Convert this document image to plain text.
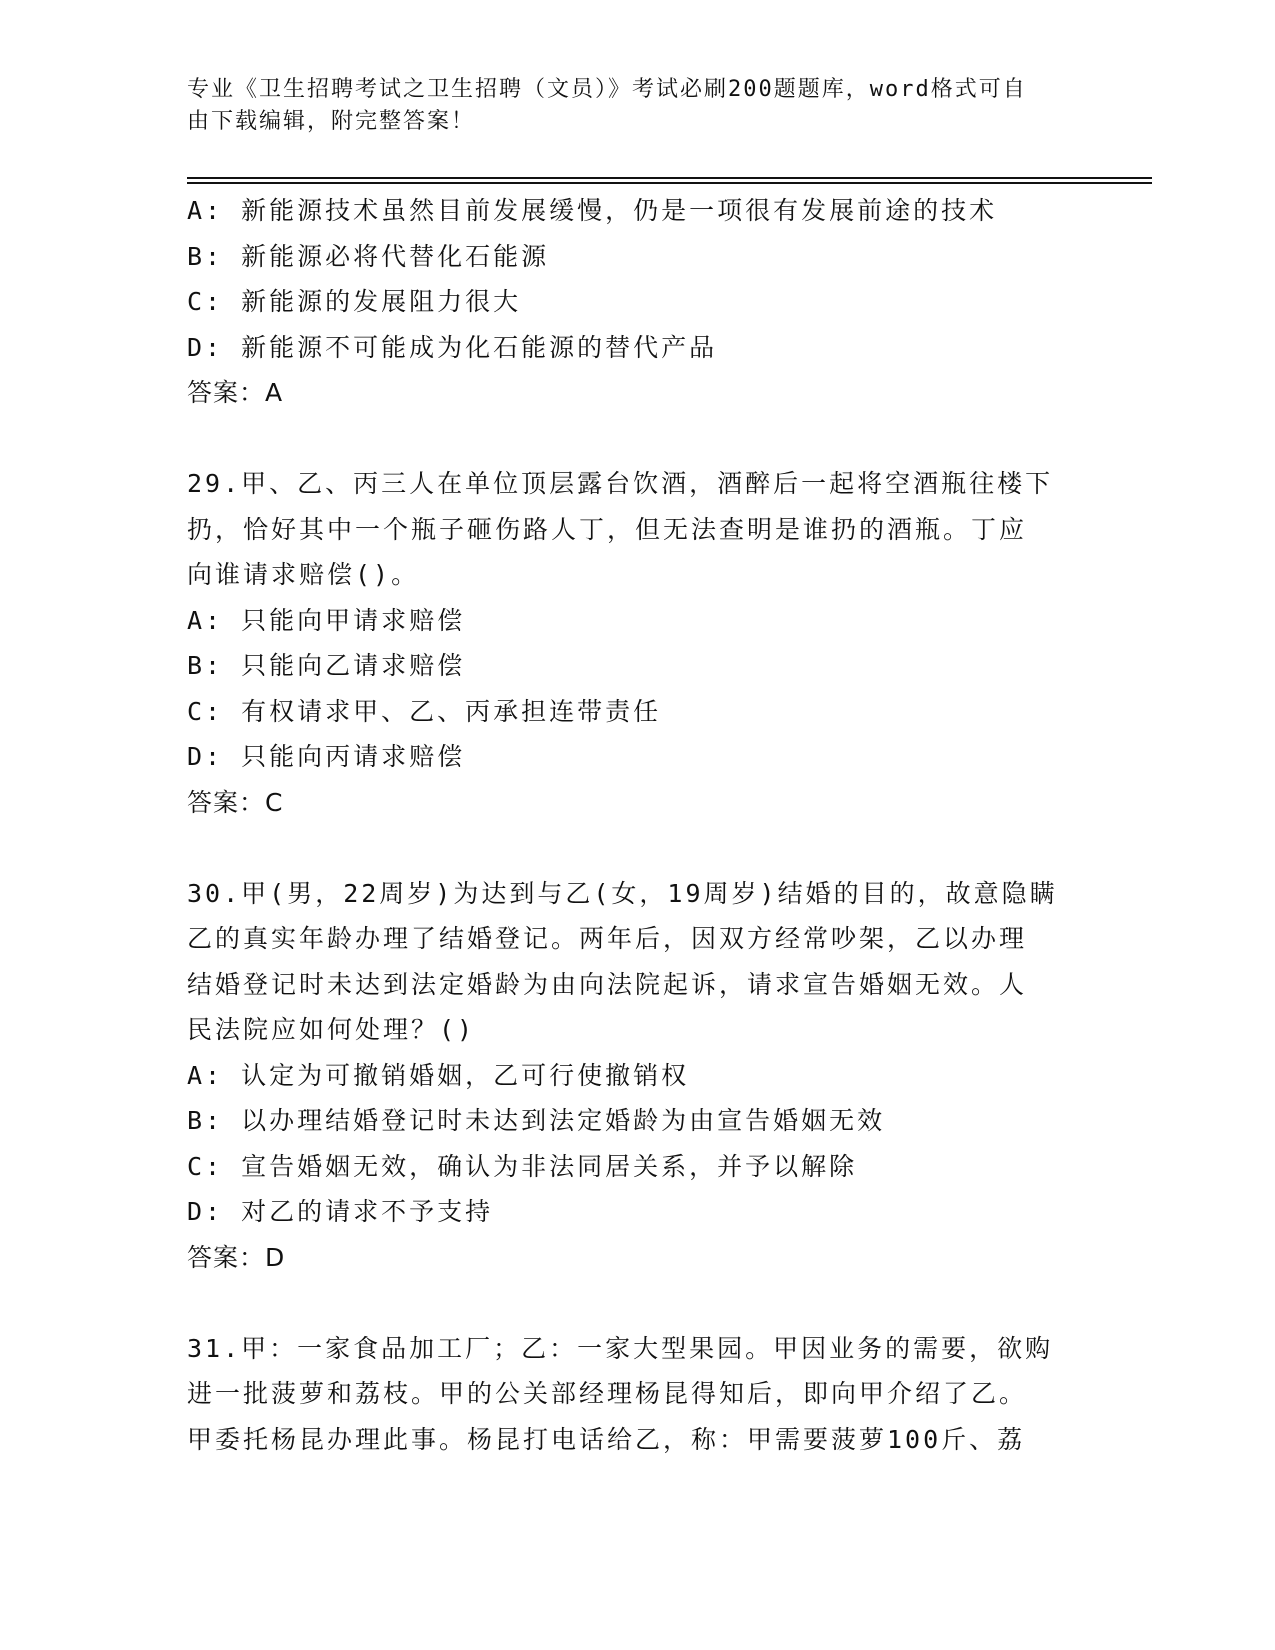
专业《卫生招聘考试之卫生招聘（文员）》考试必刷200题题库，word格式可自
由下载编辑，附完整答案！
A: 新能源技术虽然目前发展缓慢，仍是一项很有发展前途的技术
B: 新能源必将代替化石能源
C: 新能源的发展阻力很大
D: 新能源不可能成为化石能源的替代产品
答案：A
29.甲、乙、丙三人在单位顶层露台饮酒，酒醉后一起将空酒瓶往楼下
扔，恰好其中一个瓶子砸伤路人丁，但无法查明是谁扔的酒瓶。丁应
向谁请求赔偿()。
A: 只能向甲请求赔偿
B: 只能向乙请求赔偿
C: 有权请求甲、乙、丙承担连带责任
D: 只能向丙请求赔偿
答案：C
30.甲(男，22周岁)为达到与乙(女，19周岁)结婚的目的，故意隐瞒
乙的真实年龄办理了结婚登记。两年后，因双方经常吵架，乙以办理
结婚登记时未达到法定婚龄为由向法院起诉，请求宣告婚姻无效。人
民法院应如何处理？()
A: 认定为可撤销婚姻，乙可行使撤销权
B: 以办理结婚登记时未达到法定婚龄为由宣告婚姻无效
C: 宣告婚姻无效，确认为非法同居关系，并予以解除
D: 对乙的请求不予支持
答案：D
31.甲：一家食品加工厂；乙：一家大型果园。甲因业务的需要，欲购
进一批菠萝和荔枝。甲的公关部经理杨昆得知后，即向甲介绍了乙。
甲委托杨昆办理此事。杨昆打电话给乙，称：甲需要菠萝100斤、荔
